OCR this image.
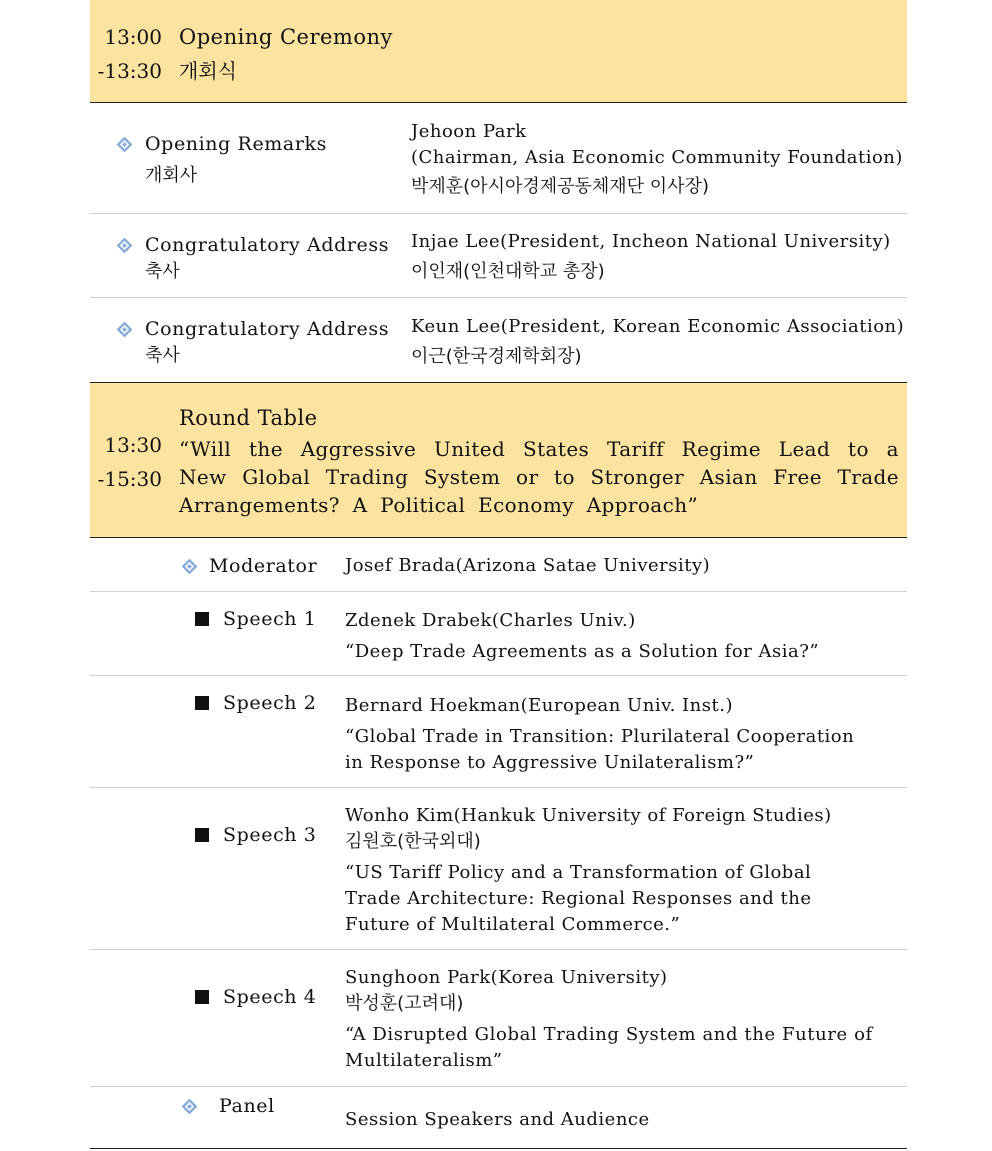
13:00
-13:30
Opening Ceremony
개회식
Opening Remarks
개회사
Jehoon Park
(Chairman, Asia Economic Community Foundation)
박제훈(아시아경제공동체재단 이사장)
Congratulatory Address
축사
Injae Lee(President, Incheon National University)
이인재(인천대학교 총장)
Congratulatory Address
축사
Keun Lee(President, Korean Economic Association)
이근(한국경제학회장)
13:30
-15:30
Round Table
“Will the Aggressive United States Tariff Regime Lead to a New Global Trading System or to Stronger Asian Free Trade Arrangements? A Political Economy Approach”
Moderator Josef Brada(Arizona Satae University)
Speech 1 Zdenek Drabek(Charles Univ.)
“Deep Trade Agreements as a Solution for Asia?”
Speech 2 Bernard Hoekman(European Univ. Inst.)
“Global Trade in Transition: Plurilateral Cooperation
in Response to Aggressive Unilateralism?”
Speech 3
Wonho Kim(Hankuk University of Foreign Studies)
김원호(한국외대)
“US Tariff Policy and a Transformation of Global
Trade Architecture: Regional Responses and the
Future of Multilateral Commerce.”
Speech 4
Sunghoon Park(Korea University)
박성훈(고려대)
“A Disrupted Global Trading System and the Future of
Multilateralism”
Panel
Session Speakers and Audience
